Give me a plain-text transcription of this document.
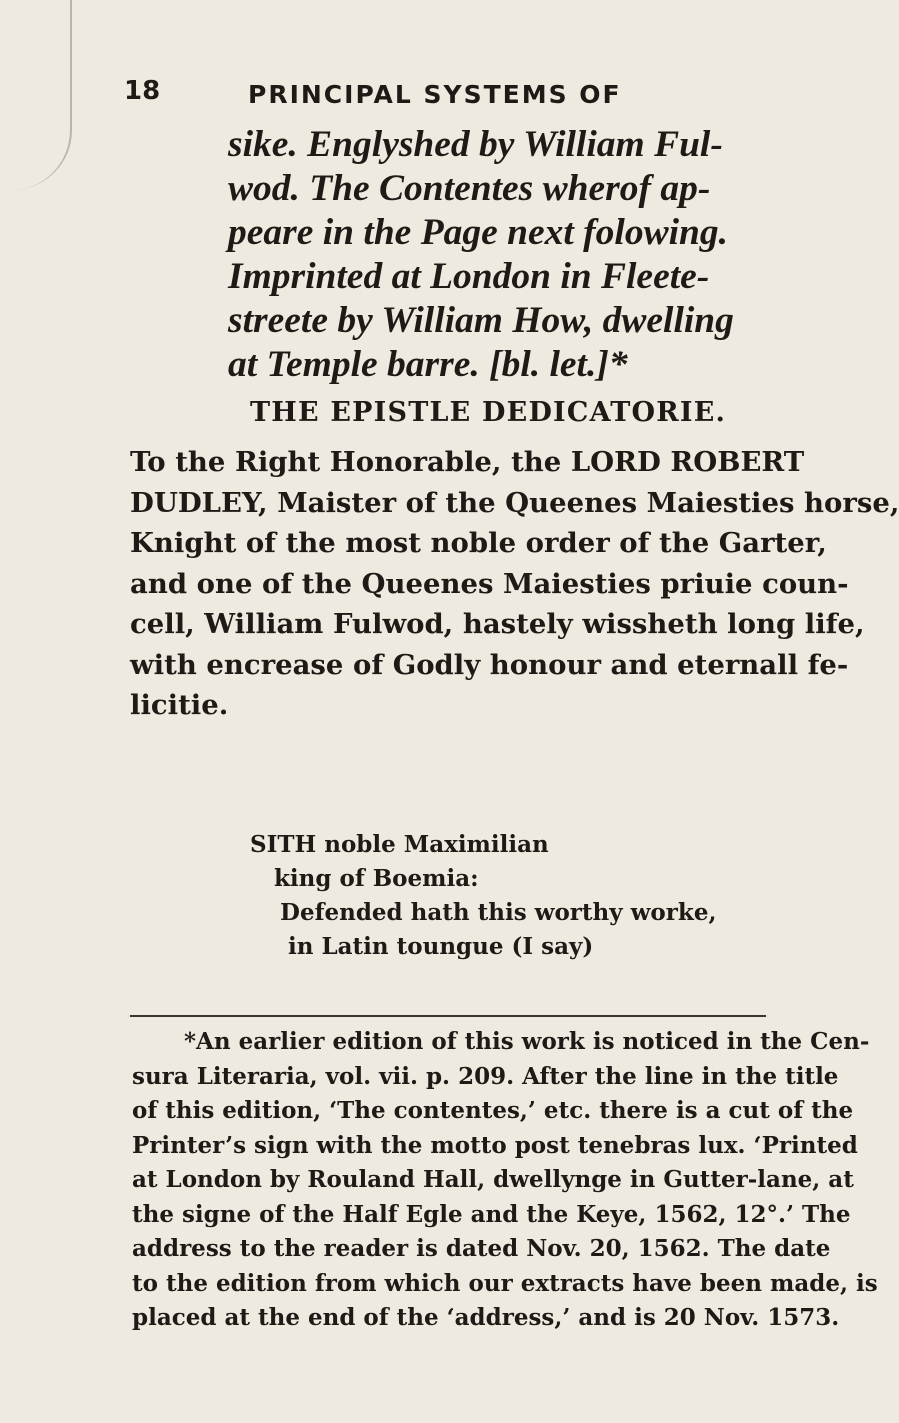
18	PRINCIPAL SYSTEMS OF
sike. Englyshed by William Ful-
wod. The Contentes wherof ap-
peare in the Page next folowing.
Imprinted at London in Fleete-
streete by William How, dwelling
at Temple barre. [bl. let.]*
THE EPISTLE DEDICATORIE.
To the Right Honorable, the LORD ROBERT
DUDLEY, Maister of the Queenes Maiesties horse,
Knight of the most noble order of the Garter,
and one of the Queenes Maiesties priuie coun-
cell, William Fulwod, hastely wissheth long life,
with encrease of Godly honour and eternall fe-
licitie.
SITH noble Maximilian
king of Boemia:
Defended hath this worthy worke,
in Latin toungue (I say)
*An earlier edition of this work is noticed in the Cen-
sura Literaria, vol. vii. p. 209. After the line in the title
of this edition, ‘The contentes,’ etc. there is a cut of the
Printer’s sign with the motto post tenebras lux. ‘Printed
at London by Rouland Hall, dwellynge in Gutter-lane, at
the signe of the Half Egle and the Keye, 1562, 12°.’ The
address to the reader is dated Nov. 20, 1562. The date
to the edition from which our extracts have been made, is
placed at the end of the ‘address,’ and is 20 Nov. 1573.
